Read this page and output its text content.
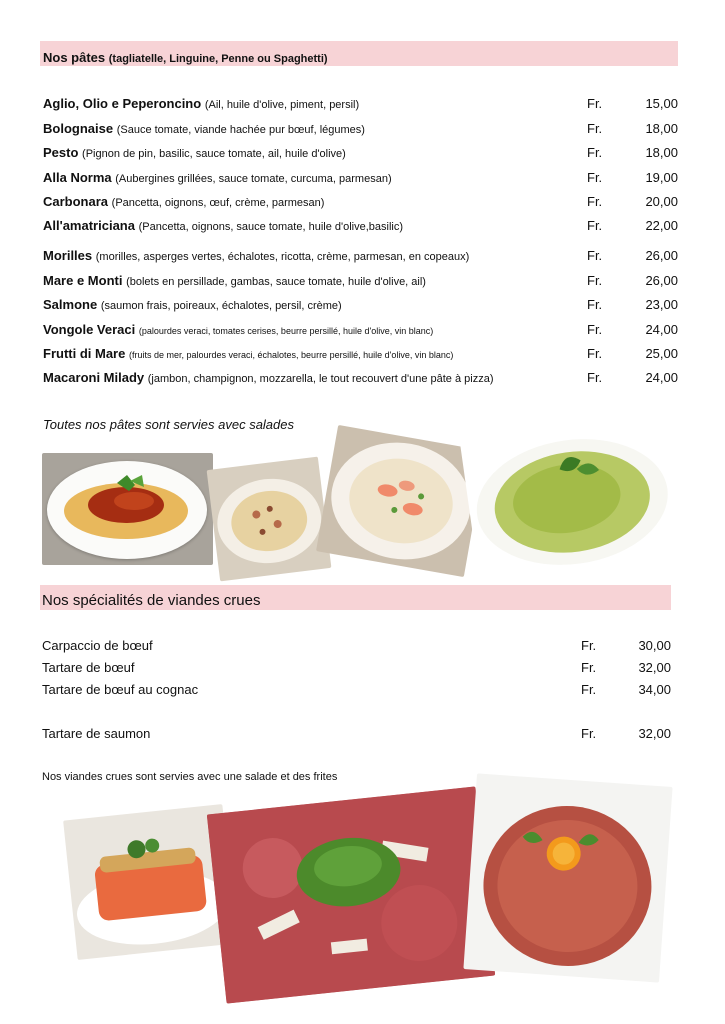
Nos pâtes (tagliatelle, Linguine, Penne ou Spaghetti)
Aglio, Olio e Peperoncino (Ail, huile d'olive, piment, persil)	Fr.	15,00
Bolognaise (Sauce tomate, viande hachée pur bœuf, légumes)	Fr.	18,00
Pesto (Pignon de pin, basilic, sauce tomate, ail, huile d'olive)	Fr.	18,00
Alla Norma (Aubergines grillées, sauce tomate, curcuma, parmesan)	Fr.	19,00
Carbonara (Pancetta, oignons, œuf, crème, parmesan)	Fr.	20,00
All'amatriciana (Pancetta, oignons, sauce tomate, huile d'olive,basilic)	Fr.	22,00
Morilles (morilles, asperges vertes, échalotes, ricotta, crème, parmesan, en copeaux)	Fr.	26,00
Mare e Monti (bolets en persillade, gambas, sauce tomate, huile d'olive, ail)	Fr.	26,00
Salmone (saumon frais, poireaux, échalotes, persil, crème)	Fr.	23,00
Vongole Veraci (palourdes veraci, tomates cerises, beurre persillé, huile d'olive, vin blanc)	Fr.	24,00
Frutti di Mare (fruits de mer, palourdes veraci, échalotes, beurre persillé, huile d'olive, vin blanc)	Fr.	25,00
Macaroni Milady (jambon, champignon, mozzarella, le tout recouvert d'une pâte à pizza)	Fr.	24,00
Toutes nos pâtes sont servies avec salades
Nos spécialités de viandes crues
Carpaccio de bœuf	Fr.	30,00
Tartare de bœuf	Fr.	32,00
Tartare de bœuf au cognac	Fr.	34,00
Tartare de saumon	Fr.	32,00
Nos viandes crues sont servies avec une salade et des frites
